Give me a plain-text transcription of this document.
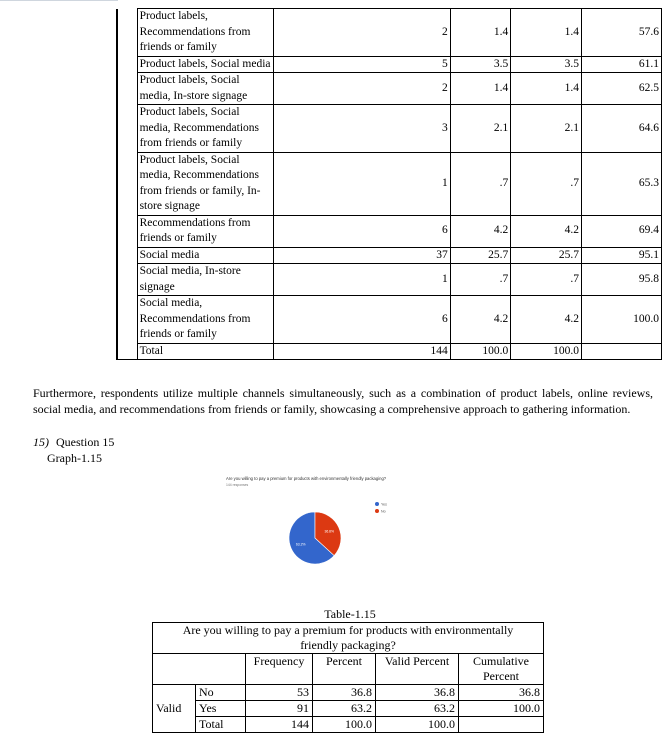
	Product labels, Recommendations from friends or family	2	1.4	1.4	57.6
	Product labels, Social media	5	3.5	3.5	61.1
	Product labels, Social media, In-store signage	2	1.4	1.4	62.5
	Product labels, Social media, Recommendations from friends or family	3	2.1	2.1	64.6
	Product labels, Social media, Recommendations from friends or family, In-store signage	1	.7	.7	65.3
	Recommendations from friends or family	6	4.2	4.2	69.4
	Social media	37	25.7	25.7	95.1
	Social media, In-store signage	1	.7	.7	95.8
	Social media, Recommendations from friends or family	6	4.2	4.2	100.0
	Total	144	100.0	100.0	
Furthermore, respondents utilize multiple channels simultaneously, such as a combination of product labels, online reviews, social media, and recommendations from friends or family, showcasing a comprehensive approach to gathering information.
15) Question 15
Graph-1.15
Are you willing to pay a premium for products with environmentally friendly packaging?
144 responses
63.2%
36.8%
Yes
No
Table-1.15
Are you willing to pay a premium for products with environmentally friendly packaging?					
		Frequency	Percent	Valid Percent	Cumulative Percent
Valid	No	53	36.8	36.8	36.8
	Yes	91	63.2	63.2	100.0
	Total	144	100.0	100.0	
